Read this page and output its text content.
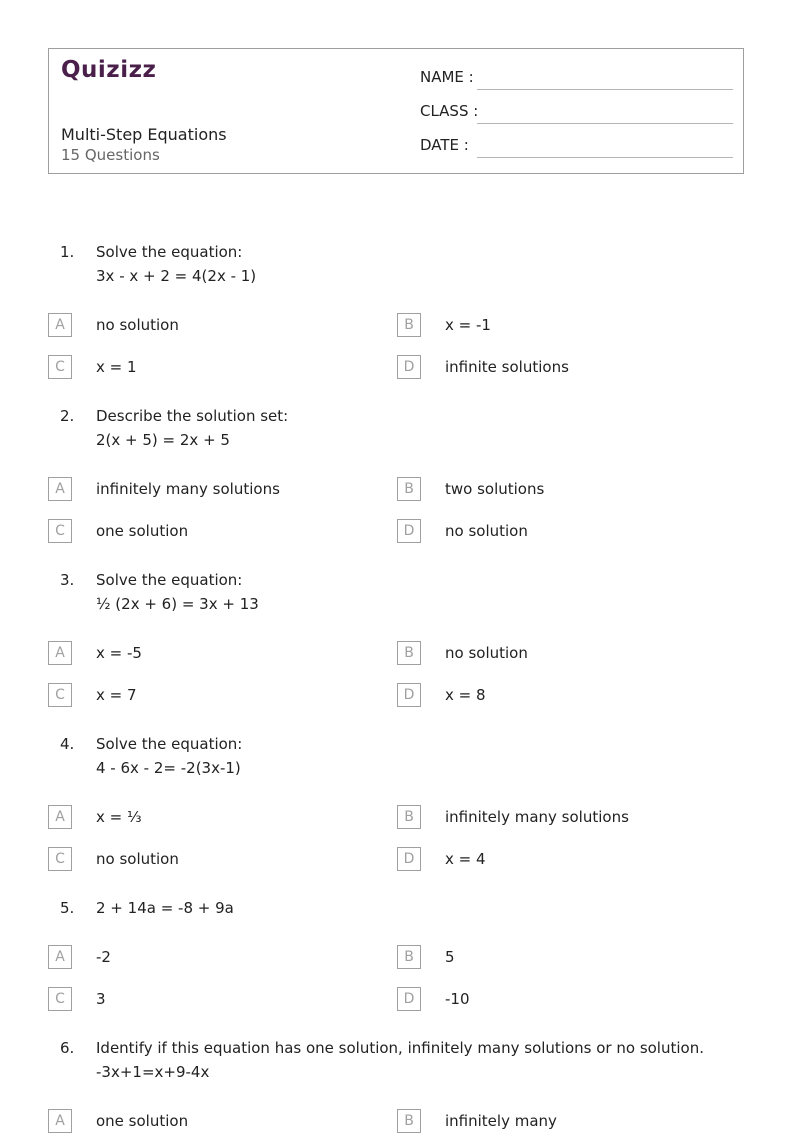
Quizizz
Multi-Step Equations
15 Questions
NAME :
CLASS :
DATE :
1. Solve the equation:
3x - x + 2 = 4(2x - 1)
A	no solution	B	x = -1
C	x = 1	D	infinite solutions
2. Describe the solution set:
2(x + 5) = 2x + 5
A	infinitely many solutions	B	two solutions
C	one solution	D	no solution
3. Solve the equation:
½ (2x + 6) = 3x + 13
A	x = -5	B	no solution
C	x = 7	D	x = 8
4. Solve the equation:
4 - 6x - 2= -2(3x-1)
A	x = ⅓	B	infinitely many solutions
C	no solution	D	x = 4
5. 2 + 14a = -8 + 9a
A	-2	B	5
C	3	D	-10
6. Identify if this equation has one solution, infinitely many solutions or no solution.
-3x+1=x+9-4x
A	one solution	B	infinitely many
